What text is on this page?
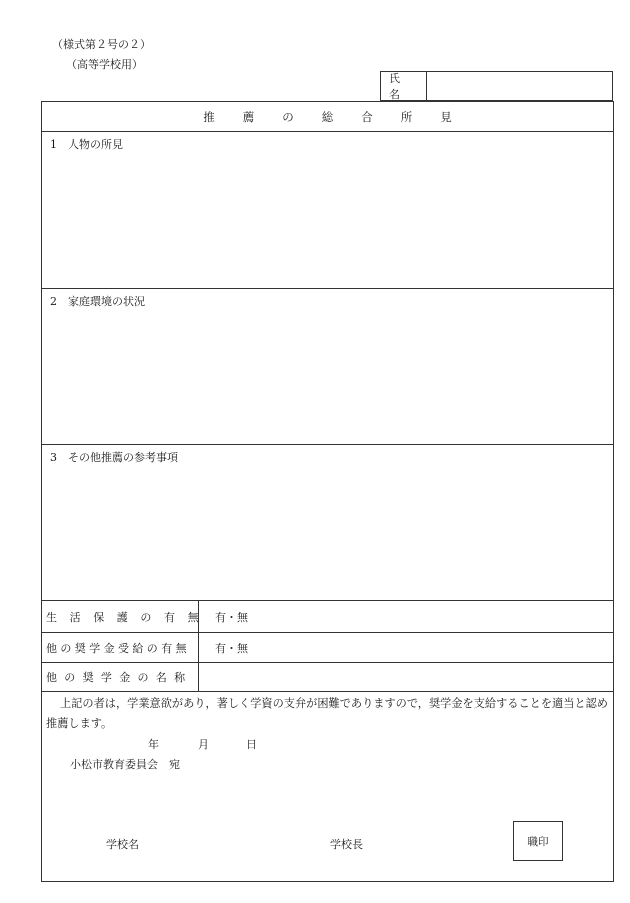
（様式第２号の２）
（高等学校用）
氏名
推薦の総合所見
1 人物の所見
2 家庭環境の状況
3 その他推薦の参考事項
生活保護の有無 有・無
他の奨学金受給の有無	有・無
他の奨学金の名称
上記の者は，学業意欲があり，著しく学資の支弁が困難でありますので，奨学金を支給することを適当と認め推薦します。
年	月	日
小松市教育委員会　宛
学校名	学校長	職印
